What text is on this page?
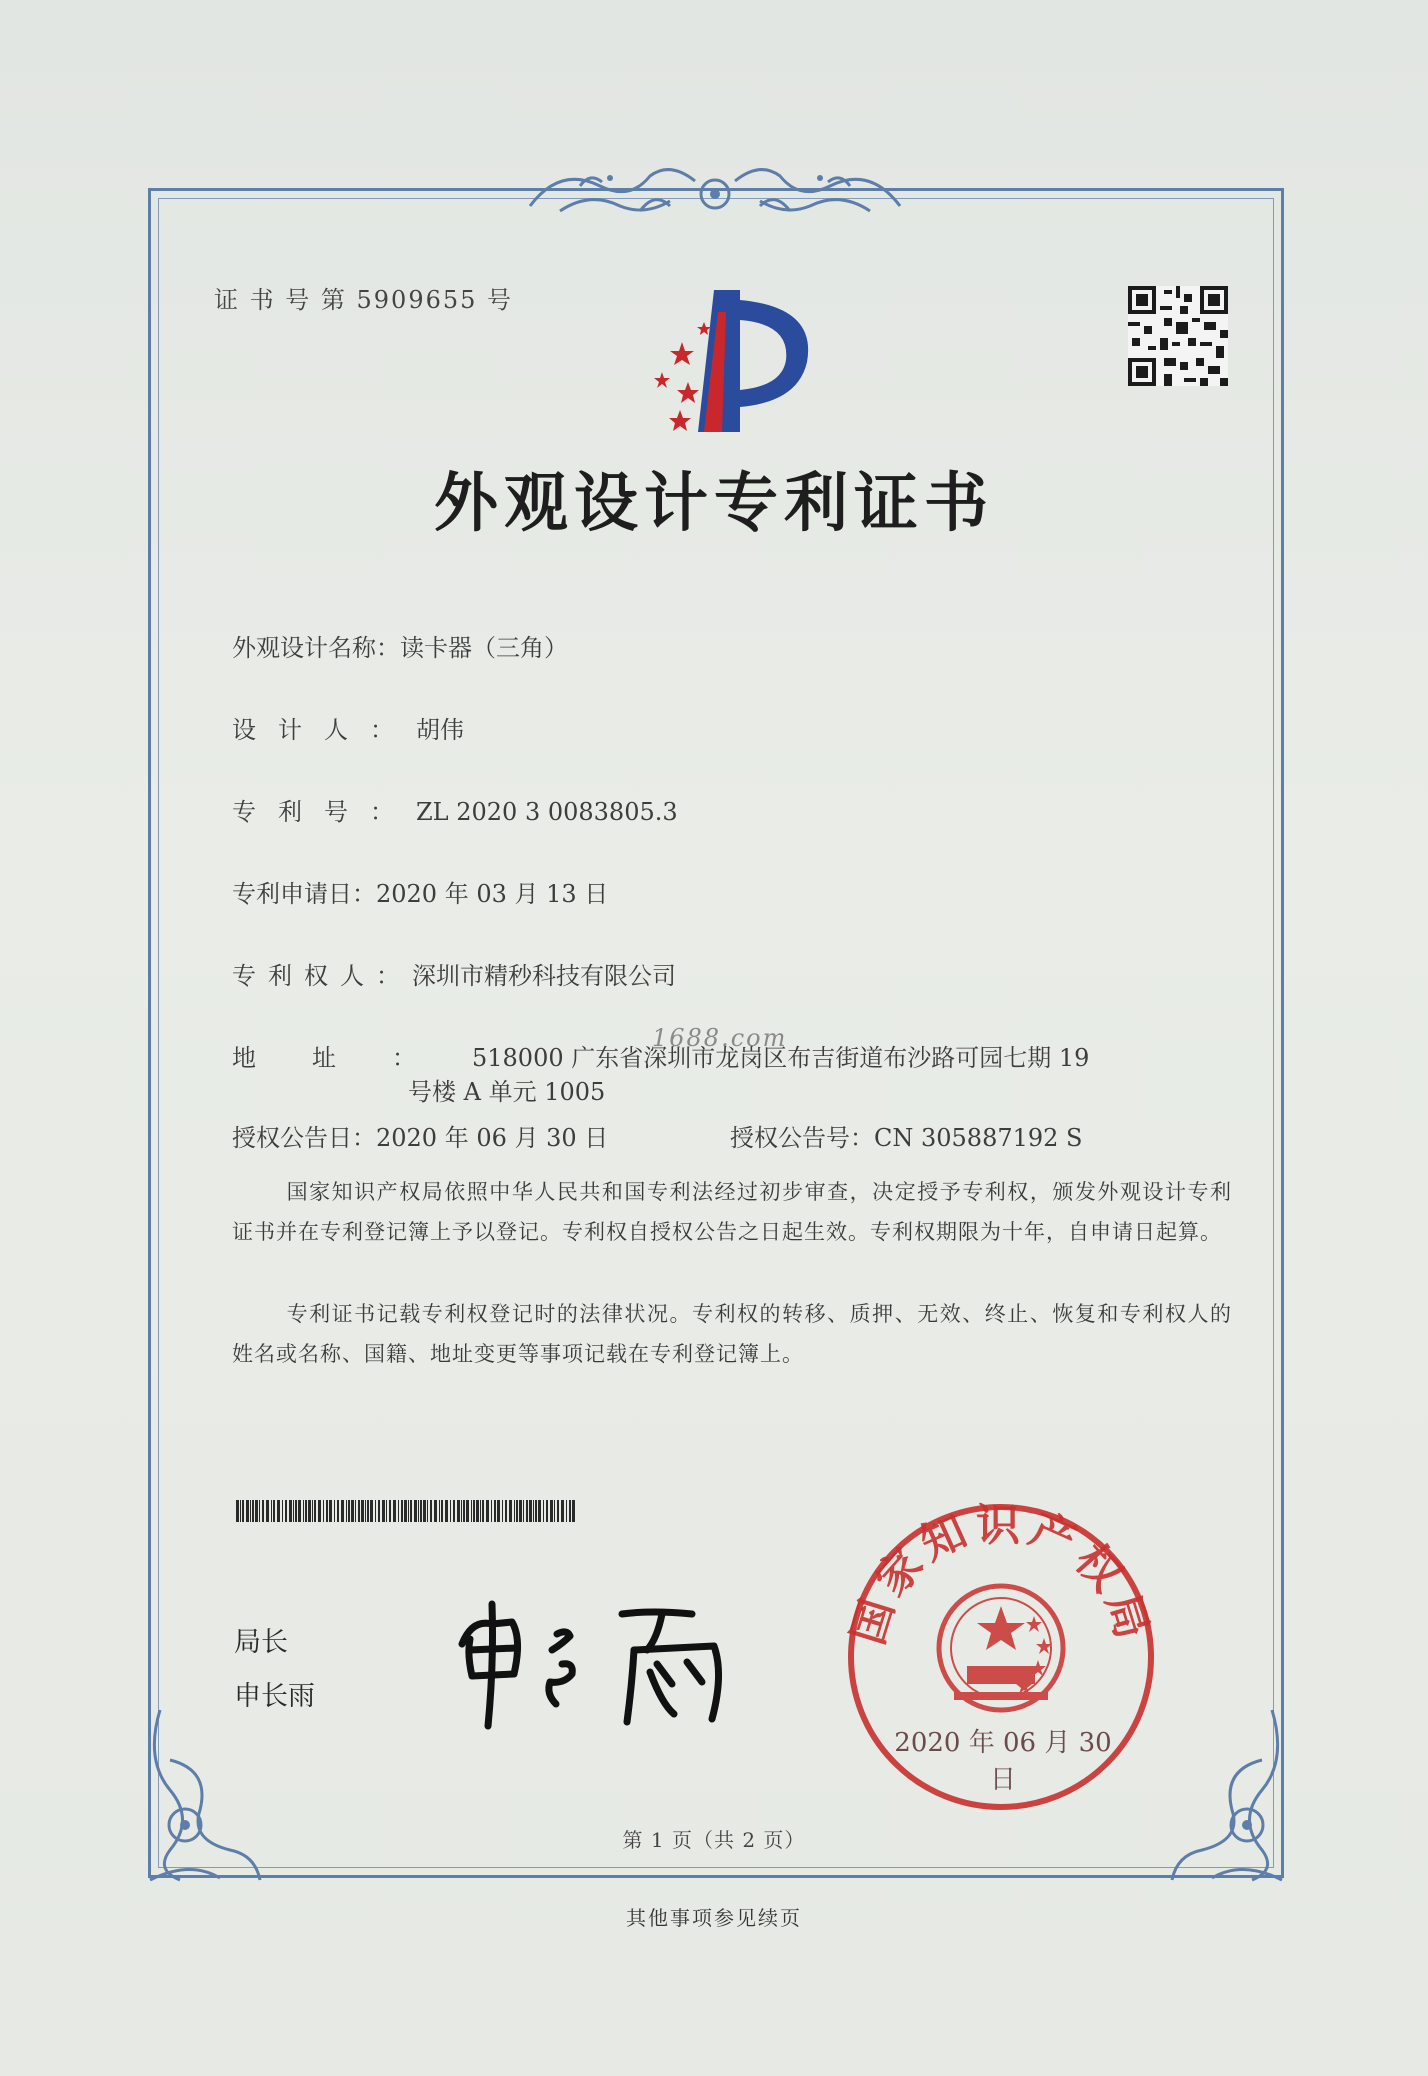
证 书 号 第 5909655 号
外观设计专利证书
外观设计名称：读卡器（三角）
设计人：胡伟
专利号：ZL 2020 3 0083805.3
专利申请日：2020 年 03 月 13 日
专利权人：深圳市精秒科技有限公司
地址：518000 广东省深圳市龙岗区布吉街道布沙路可园七期 19
号楼 A 单元 1005
1688.com
授权公告日：2020 年 06 月 30 日	授权公告号：CN 305887192 S
国家知识产权局依照中华人民共和国专利法经过初步审查，决定授予专利权，颁发外观设计专利证书并在专利登记簿上予以登记。专利权自授权公告之日起生效。专利权期限为十年，自申请日起算。
专利证书记载专利权登记时的法律状况。专利权的转移、质押、无效、终止、恢复和专利权人的姓名或名称、国籍、地址变更等事项记载在专利登记簿上。
局长
申长雨
国家知识产权局
2020 年 06 月 30 日
第 1 页（共 2 页）
其他事项参见续页
